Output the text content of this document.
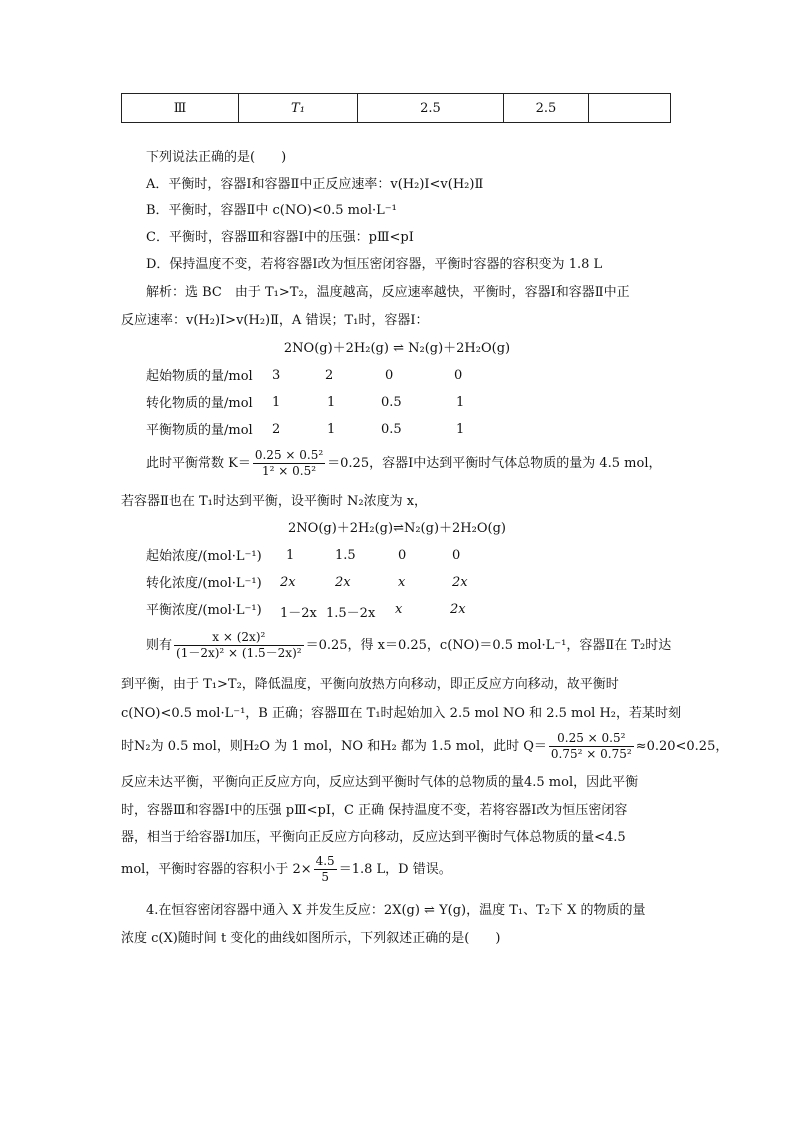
Ⅲ	T₁	2.5	2.5	
下列说法正确的是(　　)
A．平衡时，容器Ⅰ和容器Ⅱ中正反应速率：v(H₂)Ⅰ<v(H₂)Ⅱ
B．平衡时，容器Ⅱ中 c(NO)<0.5 mol·L⁻¹
C．平衡时，容器Ⅲ和容器Ⅰ中的压强：pⅢ<pⅠ
D．保持温度不变，若将容器Ⅰ改为恒压密闭容器，平衡时容器的容积变为 1.8 L
解析：选 BC　由于 T₁>T₂，温度越高，反应速率越快，平衡时，容器Ⅰ和容器Ⅱ中正
反应速率：v(H₂)Ⅰ>v(H₂)Ⅱ，A 错误；T₁时，容器Ⅰ：
2NO(g)＋2H₂(g) ⇌ N₂(g)＋2H₂O(g)
起始物质的量/mol 3	2	0	0
转化物质的量/mol 1	1	0.5	1
平衡物质的量/mol 2	1	0.5	1
此时平衡常数 $K= \frac{\text{0.25 × 0.5²}}{\text{1² × 0.5²}} =0.25$，容器Ⅰ中达到平衡时气体总物质的量为 4.5 mol，
若容器Ⅱ也在 T₁时达到平衡，设平衡时 N₂浓度为 x，
2NO(g)＋2H₂(g)⇌N₂(g)＋2H₂O(g)
起始浓度/(mol·L⁻¹) 1	1.5	0	0
转化浓度/(mol·L⁻¹) 2x	2x	x	2x
平衡浓度/(mol·L⁻¹) 1－2x 1.5－2x x	2x
则有 $\frac{\text{x × (2x)²}}{\text{(1－2x)² × (1.5－2x)²}} =0.25$，得 x＝0.25，c(NO)＝0.5 mol·L⁻¹，容器Ⅱ在 T₂时达
到平衡，由于 T₁>T₂，降低温度，平衡向放热方向移动，即正反应方向移动，故平衡时
c(NO)<0.5 mol·L⁻¹，B 正确；容器Ⅲ在 T₁时起始加入 2.5 mol NO 和 2.5 mol H₂，若某时刻
时N₂为 0.5 mol，则H₂O 为 1 mol，NO 和H₂ 都为 1.5 mol，此时 $Q= \frac{\text{0.25 × 0.5²}}{\text{0.75² × 0.75²}} \approx 0.20<0.25$，
反应未达平衡，平衡向正反应方向，反应达到平衡时气体的总物质的量4.5 mol，因此平衡
时，容器Ⅲ和容器Ⅰ中的压强 pⅢ<pⅠ，C 正确 保持温度不变，若将容器Ⅰ改为恒压密闭容
器，相当于给容器Ⅰ加压，平衡向正反应方向移动，反应达到平衡时气体总物质的量<4.5
mol，平衡时容器的容积小于 $2\times \frac{4.5}{5} =1.8$ L，D 错误。
4.在恒容密闭容器中通入 X 并发生反应：2X(g) ⇌ Y(g)，温度 T₁、T₂下 X 的物质的量
浓度 c(X)随时间 t 变化的曲线如图所示，下列叙述正确的是(　　)
